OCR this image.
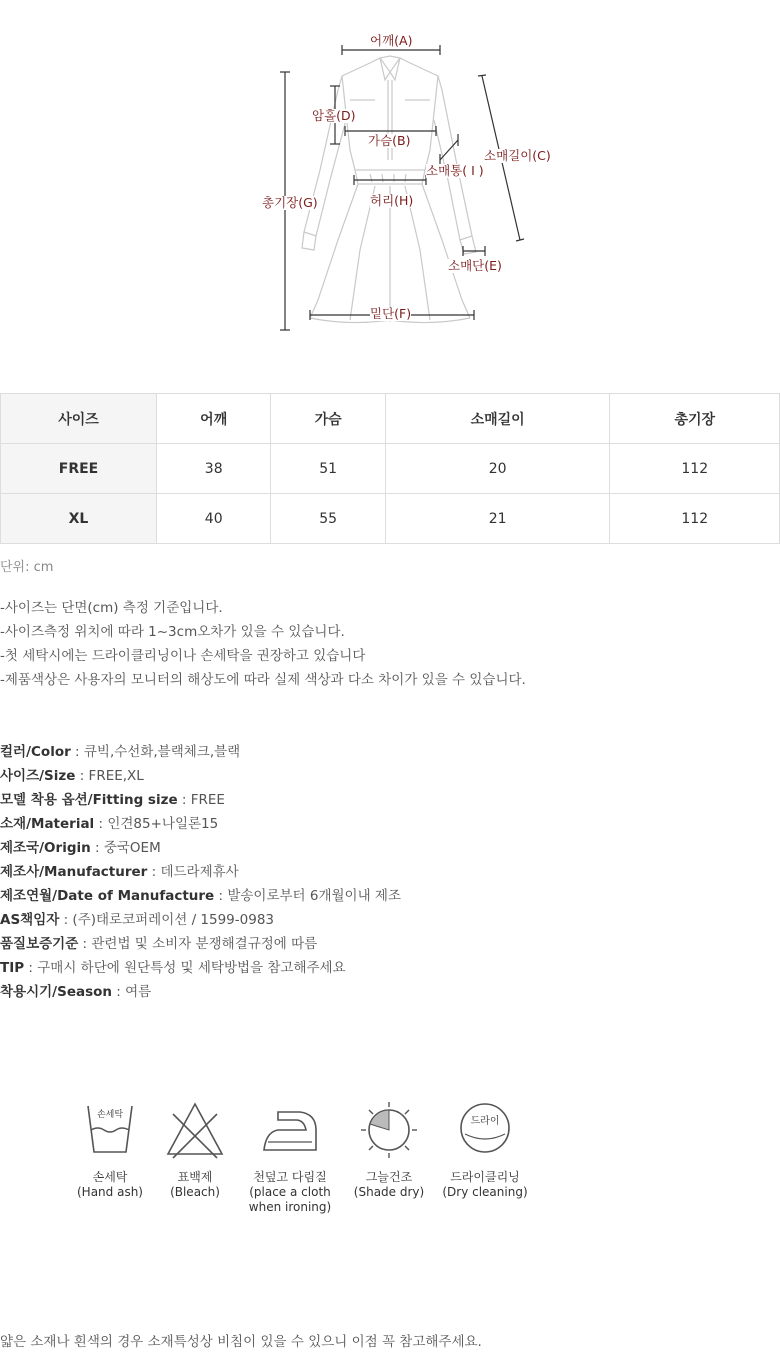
어깨(A)
암홀(D)
가슴(B)
소매길이(C)
소매통( I )
총기장(G)	허리(H)
소매단(E)
밑단(F)
사이즈	어깨	가슴	소매길이	총기장
FREE	38	51	20	112
XL	40	55	21	112
단위: cm
-사이즈는 단면(cm) 측정 기준입니다.
-사이즈측정 위치에 따라 1~3cm오차가 있을 수 있습니다.
-첫 세탁시에는 드라이클리닝이나 손세탁을 권장하고 있습니다
-제품색상은 사용자의 모니터의 해상도에 따라 실제 색상과 다소 차이가 있을 수 있습니다.
컬러/Color : 큐빅,수선화,블랙체크,블랙
사이즈/Size : FREE,XL
모델 착용 옵션/Fitting size : FREE
소재/Material : 인견85+나일론15
제조국/Origin : 중국OEM
제조사/Manufacturer : 데드라제휴사
제조연월/Date of Manufacture : 발송이로부터 6개월이내 제조
AS책임자 : (주)태로코퍼레이션 / 1599-0983
품질보증기준 : 관련법 및 소비자 분쟁해결규정에 따름
TIP : 구매시 하단에 원단특성 및 세탁방법을 참고해주세요
착용시기/Season : 여름
손세탁
손세탁
(Hand ash)
표백제
(Bleach)
천덮고 다림질
(place a cloth
when ironing)
그늘건조
(Shade dry)
드라이
드라이클리닝
(Dry cleaning)
얇은 소재나 흰색의 경우 소재특성상 비침이 있을 수 있으니 이점 꼭 참고해주세요.
